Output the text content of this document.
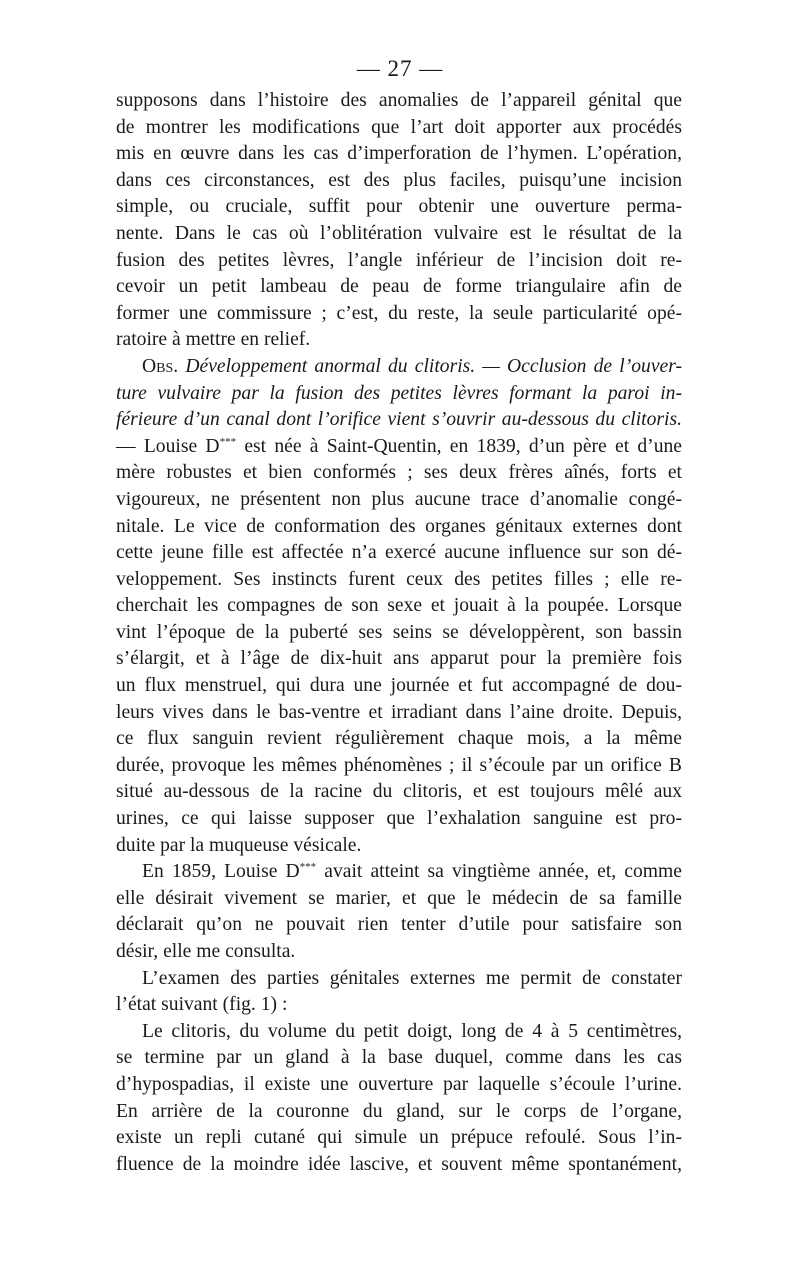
— 27 —

supposons dans l’histoire des anomalies de l’appareil génital que

de montrer les modifications que l’art doit apporter aux procédés

mis en œuvre dans les cas d’imperforation de l’hymen. L’opération,

dans ces circonstances, est des plus faciles, puisqu’une incision

simple, ou cruciale, suffit pour obtenir une ouverture perma-

nente. Dans le cas où l’oblitération vulvaire est le résultat de la

fusion des petites lèvres, l’angle inférieur de l’incision doit re-

cevoir un petit lambeau de peau de forme triangulaire afin de

former une commissure ; c’est, du reste, la seule particularité opé-

ratoire à mettre en relief.

Obs. Développement anormal du clitoris. — Occlusion de l’ouver-

ture vulvaire par la fusion des petites lèvres formant la paroi in-

férieure d’un canal dont l’orifice vient s’ouvrir au-dessous du clitoris.

— Louise D*** est née à Saint-Quentin, en 1839, d’un père et d’une

mère robustes et bien conformés ; ses deux frères aînés, forts et

vigoureux, ne présentent non plus aucune trace d’anomalie congé-

nitale. Le vice de conformation des organes génitaux externes dont

cette jeune fille est affectée n’a exercé aucune influence sur son dé-

veloppement. Ses instincts furent ceux des petites filles ; elle re-

cherchait les compagnes de son sexe et jouait à la poupée. Lorsque

vint l’époque de la puberté ses seins se développèrent, son bassin

s’élargit, et à l’âge de dix-huit ans apparut pour la première fois

un flux menstruel, qui dura une journée et fut accompagné de dou-

leurs vives dans le bas-ventre et irradiant dans l’aine droite. Depuis,

ce flux sanguin revient régulièrement chaque mois, a la même

durée, provoque les mêmes phénomènes ; il s’écoule par un orifice B

situé au-dessous de la racine du clitoris, et est toujours mêlé aux

urines, ce qui laisse supposer que l’exhalation sanguine est pro-

duite par la muqueuse vésicale.

En 1859, Louise D*** avait atteint sa vingtième année, et, comme

elle désirait vivement se marier, et que le médecin de sa famille

déclarait qu’on ne pouvait rien tenter d’utile pour satisfaire son

désir, elle me consulta.

L’examen des parties génitales externes me permit de constater

l’état suivant (fig. 1) :

Le clitoris, du volume du petit doigt, long de 4 à 5 centimètres,

se termine par un gland à la base duquel, comme dans les cas

d’hypospadias, il existe une ouverture par laquelle s’écoule l’urine.

En arrière de la couronne du gland, sur le corps de l’organe,

existe un repli cutané qui simule un prépuce refoulé. Sous l’in-

fluence de la moindre idée lascive, et souvent même spontanément,
